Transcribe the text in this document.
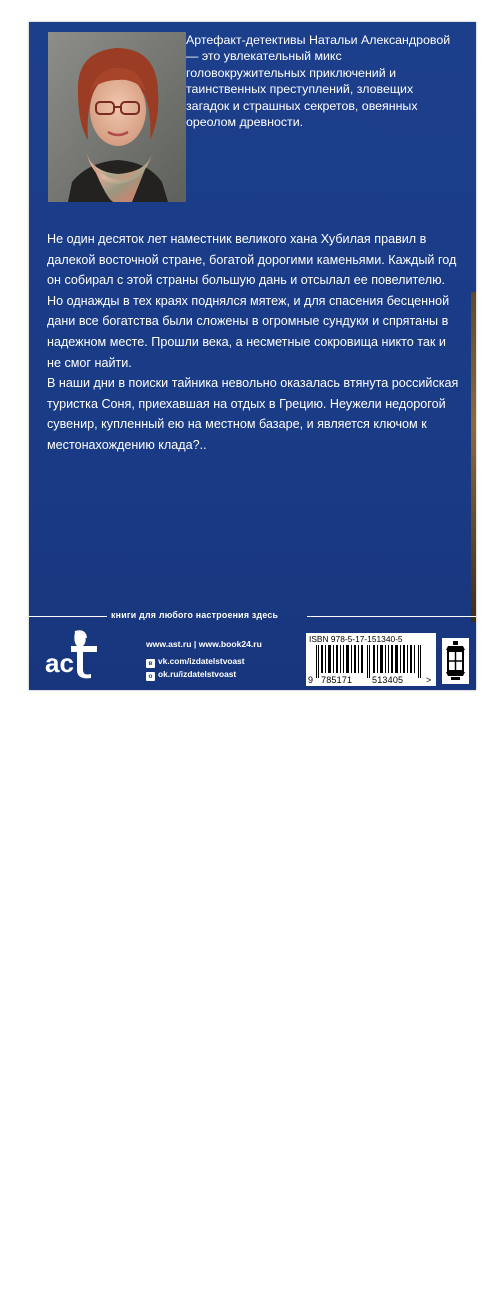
Артефакт-детективы Натальи Александровой — это увлекательный микс головокружительных приключений и таинственных преступлений, зловещих загадок и страшных секретов, овеянных ореолом древности.

Не один десяток лет наместник великого хана Хубилая правил в далекой восточной стране, богатой дорогими каменьями. Каждый год он собирал с этой страны большую дань и отсылал ее повелителю. Но однажды в тех краях поднялся мятеж, и для спасения бесценной дани все богатства были сложены в огромные сундуки и спрятаны в надежном месте. Прошли века, а несметные сокровища никто так и не смог найти.

В наши дни в поиски тайника невольно оказалась втянута российская туристка Соня, приехавшая на отдых в Грецию. Неужели недорогой сувенир, купленный ею на местном базаре, и является ключом к местонахождению клада?..

книги для любого настроения здесь
ac
ИЗДАТЕЛЬСКАЯ ГРУППА АСТ
www.ast.ru | www.book24.ru
в vk.com/izdatelstvoast
о ok.ru/izdatelstvoast
ISBN 978-5-17-151340-5
9 785171 513405	>
